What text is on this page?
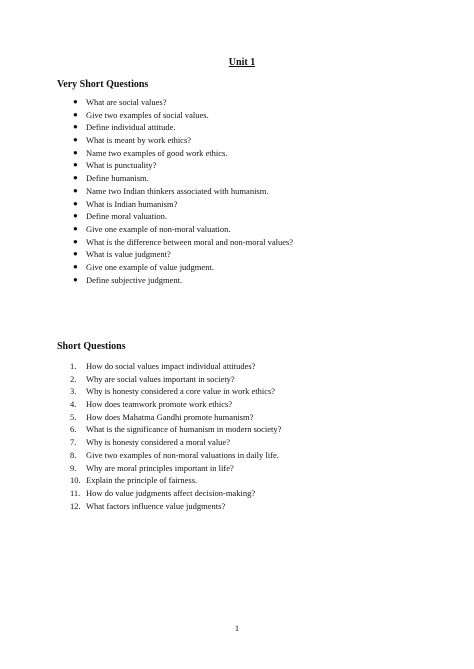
Unit 1
Very Short Questions
● What are social values?
● Give two examples of social values.
● Define individual attitude.
● What is meant by work ethics?
● Name two examples of good work ethics.
● What is punctuality?
● Define humanism.
● Name two Indian thinkers associated with humanism.
● What is Indian humanism?
● Define moral valuation.
● Give one example of non-moral valuation.
● What is the difference between moral and non-moral values?
● What is value judgment?
● Give one example of value judgment.
● Define subjective judgment.
Short Questions
1. How do social values impact individual attitudes?
2. Why are social values important in society?
3. Why is honesty considered a core value in work ethics?
4. How does teamwork promote work ethics?
5. How does Mahatma Gandhi promote humanism?
6. What is the significance of humanism in modern society?
7. Why is honesty considered a moral value?
8. Give two examples of non-moral valuations in daily life.
9. Why are moral principles important in life?
10. Explain the principle of fairness.
11. How do value judgments affect decision-making?
12. What factors influence value judgments?
1
